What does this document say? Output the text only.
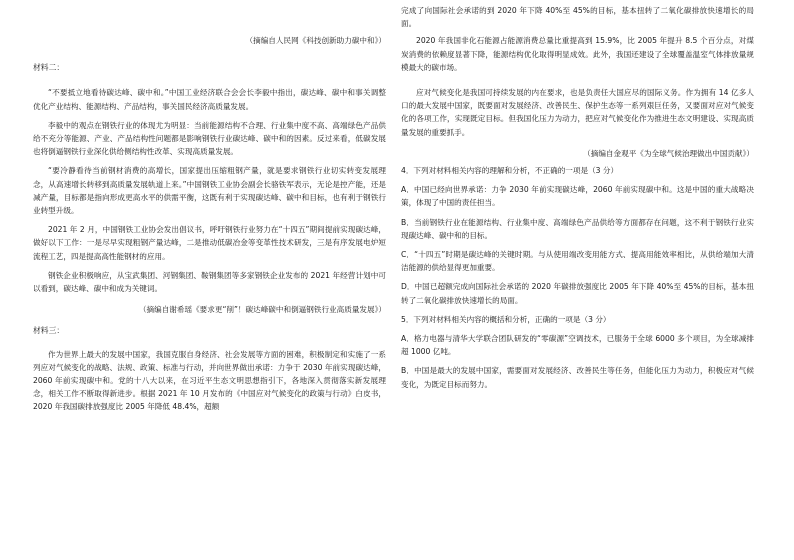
（摘编自人民网《科技创新助力碳中和》）

材料二：

“不要抵立地看待碳达峰、碳中和。”中国工业经济联合会会长李毅中指出，碳达峰、碳中和事关调整优化产业结构、能源结构、产品结构，事关国民经济高质量发展。

李毅中的观点在钢铁行业的体现尤为明显：当前能源结构不合理、行业集中度不高、高端绿色产品供给不充分等能源、产业、产品结构性问题都是影响钢铁行业碳达峰、碳中和的因素。反过来看，低碳发展也将倒逼钢铁行业深化供给侧结构性改革、实现高质量发展。

“要冷静看待当前钢材消费的高增长，国家提出压缩粗钢产量，就是要求钢铁行业切实转变发展理念，从高速增长转移到高质量发展轨道上来。”中国钢铁工业协会副会长骆铁军表示，无论是控产能，还是减产量，目标都是指向形成更高水平的供需平衡，这既有利于实现碳达峰、碳中和目标，也有利于钢铁行业转型升级。

2021 年 2 月，中国钢铁工业协会发出倡议书，呼吁钢铁行业努力在“十四五”期间提前实现碳达峰，做好以下工作：一是尽早实现粗钢产量达峰，二是推动低碳冶金等变革性技术研发，三是有序发展电炉短流程工艺，四是提高高性能钢材的应用。

钢铁企业积极响应，从宝武集团、河钢集团、鞍钢集团等多家钢铁企业发布的 2021 年经营计划中可以看到，碳达峰、碳中和成为关键词。

（摘编自谢希瑶《要求更“削”！碳达峰碳中和倒逼钢铁行业高质量发展》）

材料三：

作为世界上最大的发展中国家，我国克服自身经济、社会发展等方面的困难，积极制定和实施了一系列应对气候变化的战略、法规、政策、标准与行动，并向世界做出承诺：力争于 2030 年前实现碳达峰，2060 年前实现碳中和。党的十八大以来，在习近平生态文明思想指引下，各地深入贯彻落实新发展理念，相关工作不断取得新进步。根据 2021 年 10 月发布的《中国应对气候变化的政策与行动》白皮书，2020 年我国碳排放强度比 2005 年降低 48.4%，超额

完成了向国际社会承诺的到 2020 年下降 40%至 45%的目标，基本扭转了二氧化碳排放快速增长的局面。

2020 年我国非化石能源占能源消费总量比重提高到 15.9%，比 2005 年提升 8.5 个百分点，对煤炭消费的依赖度显著下降，能源结构优化取得明显成效。此外，我国还建设了全球覆盖温室气体排放量规模最大的碳市场。

应对气候变化是我国可持续发展的内在要求，也是负责任大国应尽的国际义务。作为拥有 14 亿多人口的最大发展中国家，既要面对发展经济、改善民生、保护生态等一系列艰巨任务，又要面对应对气候变化的各项工作，实现既定目标。但我国化压力为动力，把应对气候变化作为推进生态文明建设、实现高质量发展的重要抓手。

（摘编自金观平《为全球气候治理做出中国贡献》）

4．下列对材料相关内容的理解和分析，不正确的一项是（3 分）

A．中国已经向世界承诺：力争 2030 年前实现碳达峰，2060 年前实现碳中和。这是中国的重大战略决策，体现了中国的责任担当。

B．当前钢铁行业在能源结构、行业集中度、高端绿色产品供给等方面都存在问题，这不利于钢铁行业实现碳达峰、碳中和的目标。

C．“十四五”时期是碳达峰的关键时期。与从使用端改变用能方式、提高用能效率相比，从供给端加大清洁能源的供给显得更加重要。

D．中国已超额完成向国际社会承诺的 2020 年碳排放强度比 2005 年下降 40%至 45%的目标，基本扭转了二氧化碳排放快速增长的局面。

5．下列对材料相关内容的概括和分析，正确的一项是（3 分）

A．格力电器与清华大学联合团队研发的“零碳源”空调技术，已服务于全球 6000 多个项目，为全球减排超 1000 亿吨。

B．中国是最大的发展中国家，需要面对发展经济、改善民生等任务，但能化压力为动力，积极应对气候变化，为既定目标而努力。
